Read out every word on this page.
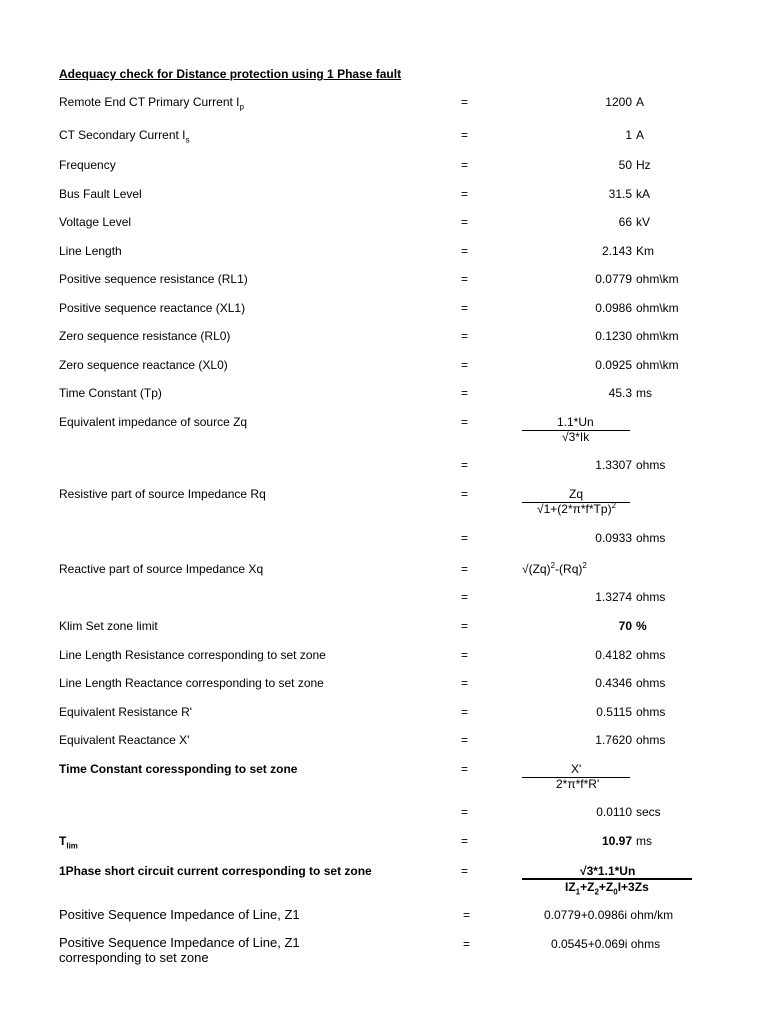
Adequacy check for Distance protection using 1 Phase fault
Remote End CT Primary Current $I_p$	=	1200 A
CT Secondary Current $I_s$	=	1 A
Frequency	=	50 Hz
Bus Fault Level	=	31.5 kA
Voltage Level	=	66 kV
Line Length	=	2.143 Km
Positive sequence resistance (RL1)	=	0.0779 ohm\km
Positive sequence reactance (XL1)	=	0.0986 ohm\km
Zero sequence resistance (RL0)	=	0.1230 ohm\km
Zero sequence reactance (XL0)	=	0.0925 ohm\km
Time Constant (Tp)	=	45.3 ms
Equivalent impedance of source Zq	=	1.1*Un
√3*Ik
=	1.3307 ohms
Resistive part of source Impedance Rq	=	Zq
$√1+(2*\pi*f*Tp)^2$
=	0.0933 ohms
Reactive part of source Impedance Xq	=	$√(Zq)^2-(Rq)^2$
=	1.3274 ohms
Klim Set zone limit	=	70 %
Line Length Resistance corresponding to set zone	=	0.4182 ohms
Line Length Reactance corresponding to set zone	=	0.4346 ohms
Equivalent Resistance R'	=	0.5115 ohms
Equivalent Reactance X'	=	1.7620 ohms
Time Constant coressponding to set zone	=	X'
2*π*f*R'
=	0.0110 secs
$T_{lim}$	=	10.97 ms
1Phase short circuit current corresponding to set zone	=	√3*1.1*Un
$IZ_1+Z_2+Z_0I+3Zs$
Positive Sequence Impedance of Line, Z1	=	0.0779+0.0986i ohm/km
Positive Sequence Impedance of Line, Z1
corresponding to set zone
=	0.0545+0.069i ohms
